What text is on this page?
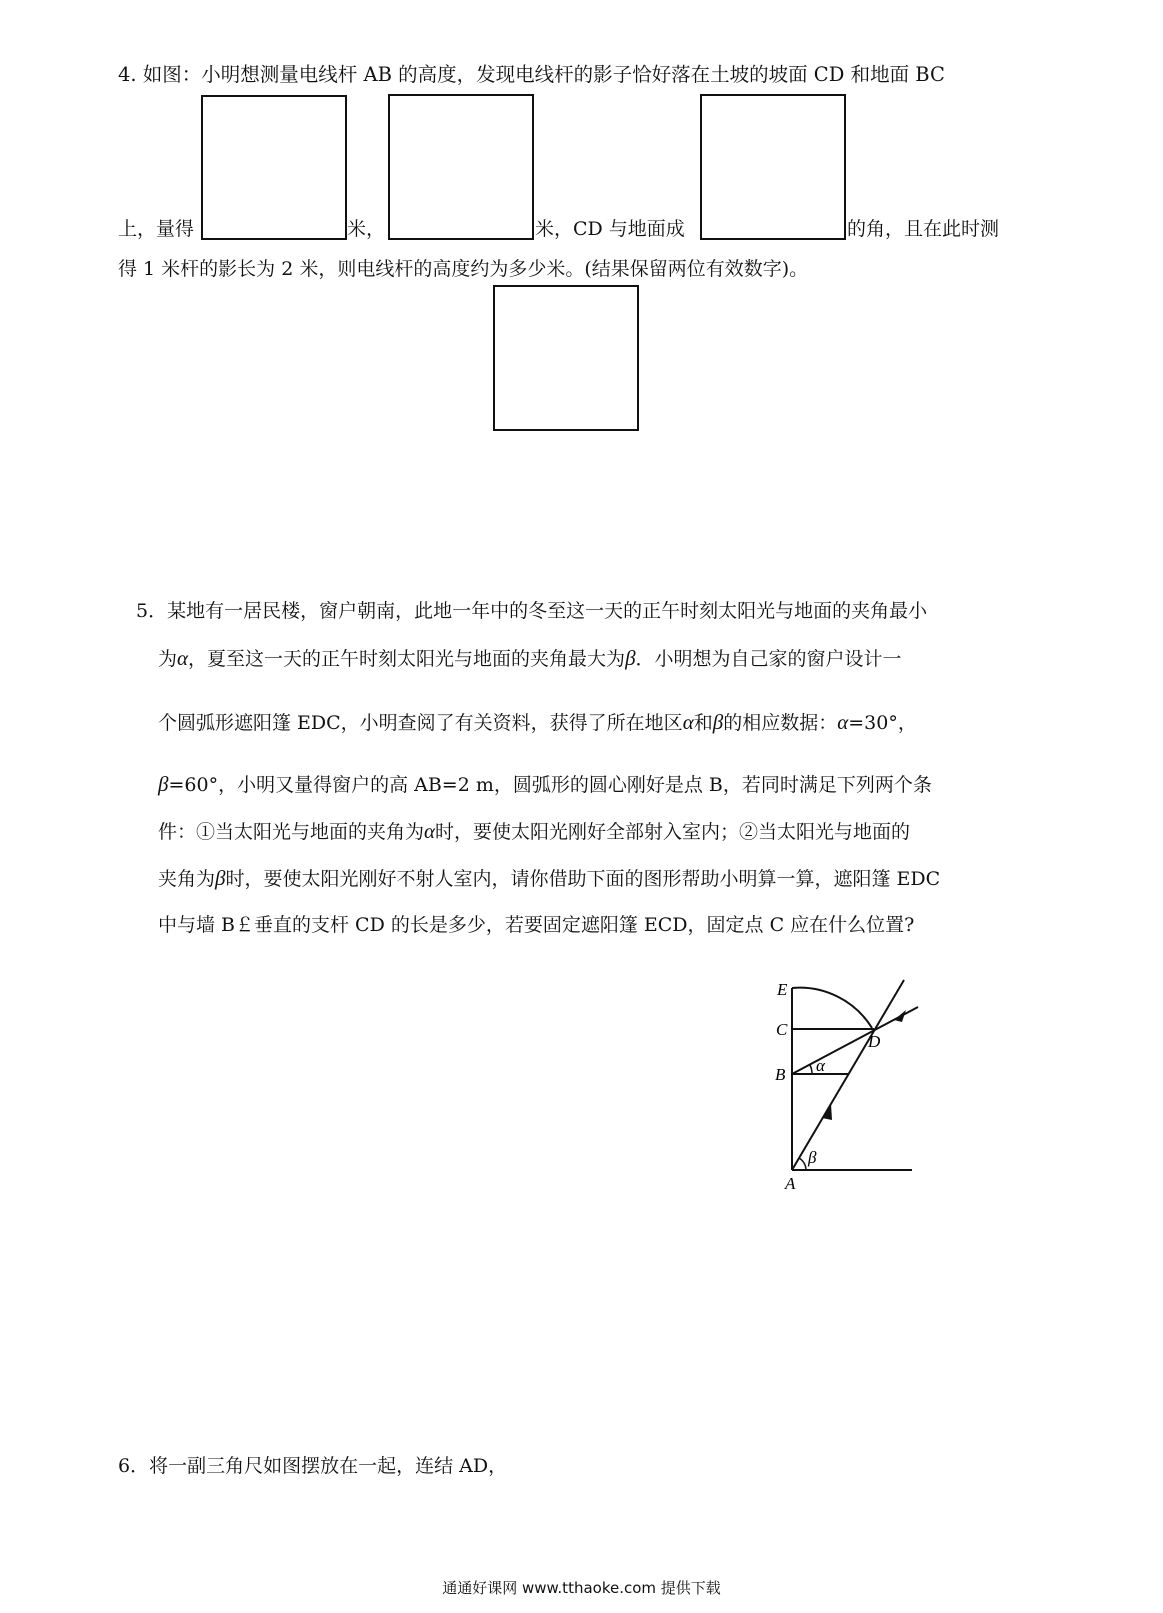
4. 如图：小明想测量电线杆 AB 的高度，发现电线杆的影子恰好落在土坡的坡面 CD 和地面 BC
上，量得	米，	米，CD 与地面成	的角，且在此时测
得 1 米杆的影长为 2 米，则电线杆的高度约为多少米。(结果保留两位有效数字)。
5．某地有一居民楼，窗户朝南，此地一年中的冬至这一天的正午时刻太阳光与地面的夹角最小
为α，夏至这一天的正午时刻太阳光与地面的夹角最大为β．小明想为自己家的窗户设计一
个圆弧形遮阳篷 EDC，小明查阅了有关资料，获得了所在地区α和β的相应数据：α=30°，
β=60°，小明又量得窗户的高 AB=2 m，圆弧形的圆心刚好是点 B，若同时满足下列两个条
件：①当太阳光与地面的夹角为α时，要使太阳光刚好全部射入室内；②当太阳光与地面的
夹角为β时，要使太阳光刚好不射人室内，请你借助下面的图形帮助小明算一算，遮阳篷 EDC
中与墙 B￡垂直的支杆 CD 的长是多少，若要固定遮阳篷 ECD，固定点 C 应在什么位置?
E
C
D
B
A
α
β
6．将一副三角尺如图摆放在一起，连结 AD，
通通好课网 www.tthaoke.com 提供下载
